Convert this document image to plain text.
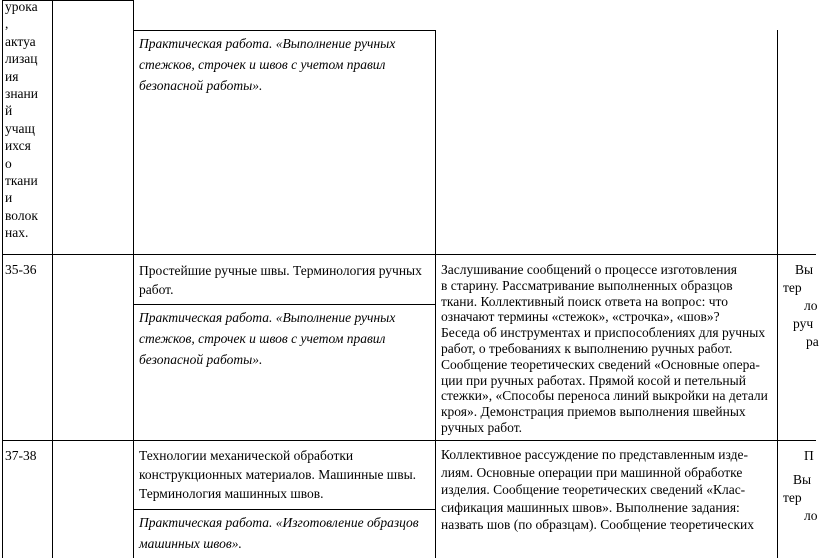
урока
,
актуа
лизац
ия
знани
й
учащ
ихся
о
ткани
и
волок
нах.
Практическая работа. «Выполнение ручных
стежков, строчек и швов с учетом правил
безопасной работы».
35-36	Простейшие ручные швы. Терминология ручных
работ.
Практическая работа. «Выполнение ручных
стежков, строчек и швов с учетом правил
безопасной работы».
Заслушивание сообщений о процессе изготовления
в старину. Рассматривание выполненных образцов
ткани. Коллективный поиск ответа на вопрос: что
означают термины «стежок», «строчка», «шов»?
Беседа об инструментах и приспособлениях для ручных
работ, о требованиях к выполнению ручных работ.
Сообщение теоретических сведений «Основные опера-
ции при ручных работах. Прямой косой и петельный
стежки», «Способы переноса линий выкройки на детали
кроя». Демонстрация приемов выполнения швейных
ручных работ.
Вы
тер
ло
руч
ра
37-38	Технологии механической обработки
конструкционных материалов. Машинные швы.
Терминология машинных швов.
Практическая работа. «Изготовление образцов
машинных швов».
Коллективное рассуждение по представленным изде-
лиям. Основные операции при машинной обработке
изделия. Сообщение теоретических сведений «Клас-
сификация машинных швов». Выполнение задания:
назвать шов (по образцам). Сообщение теоретических
П
Вы
тер
ло
